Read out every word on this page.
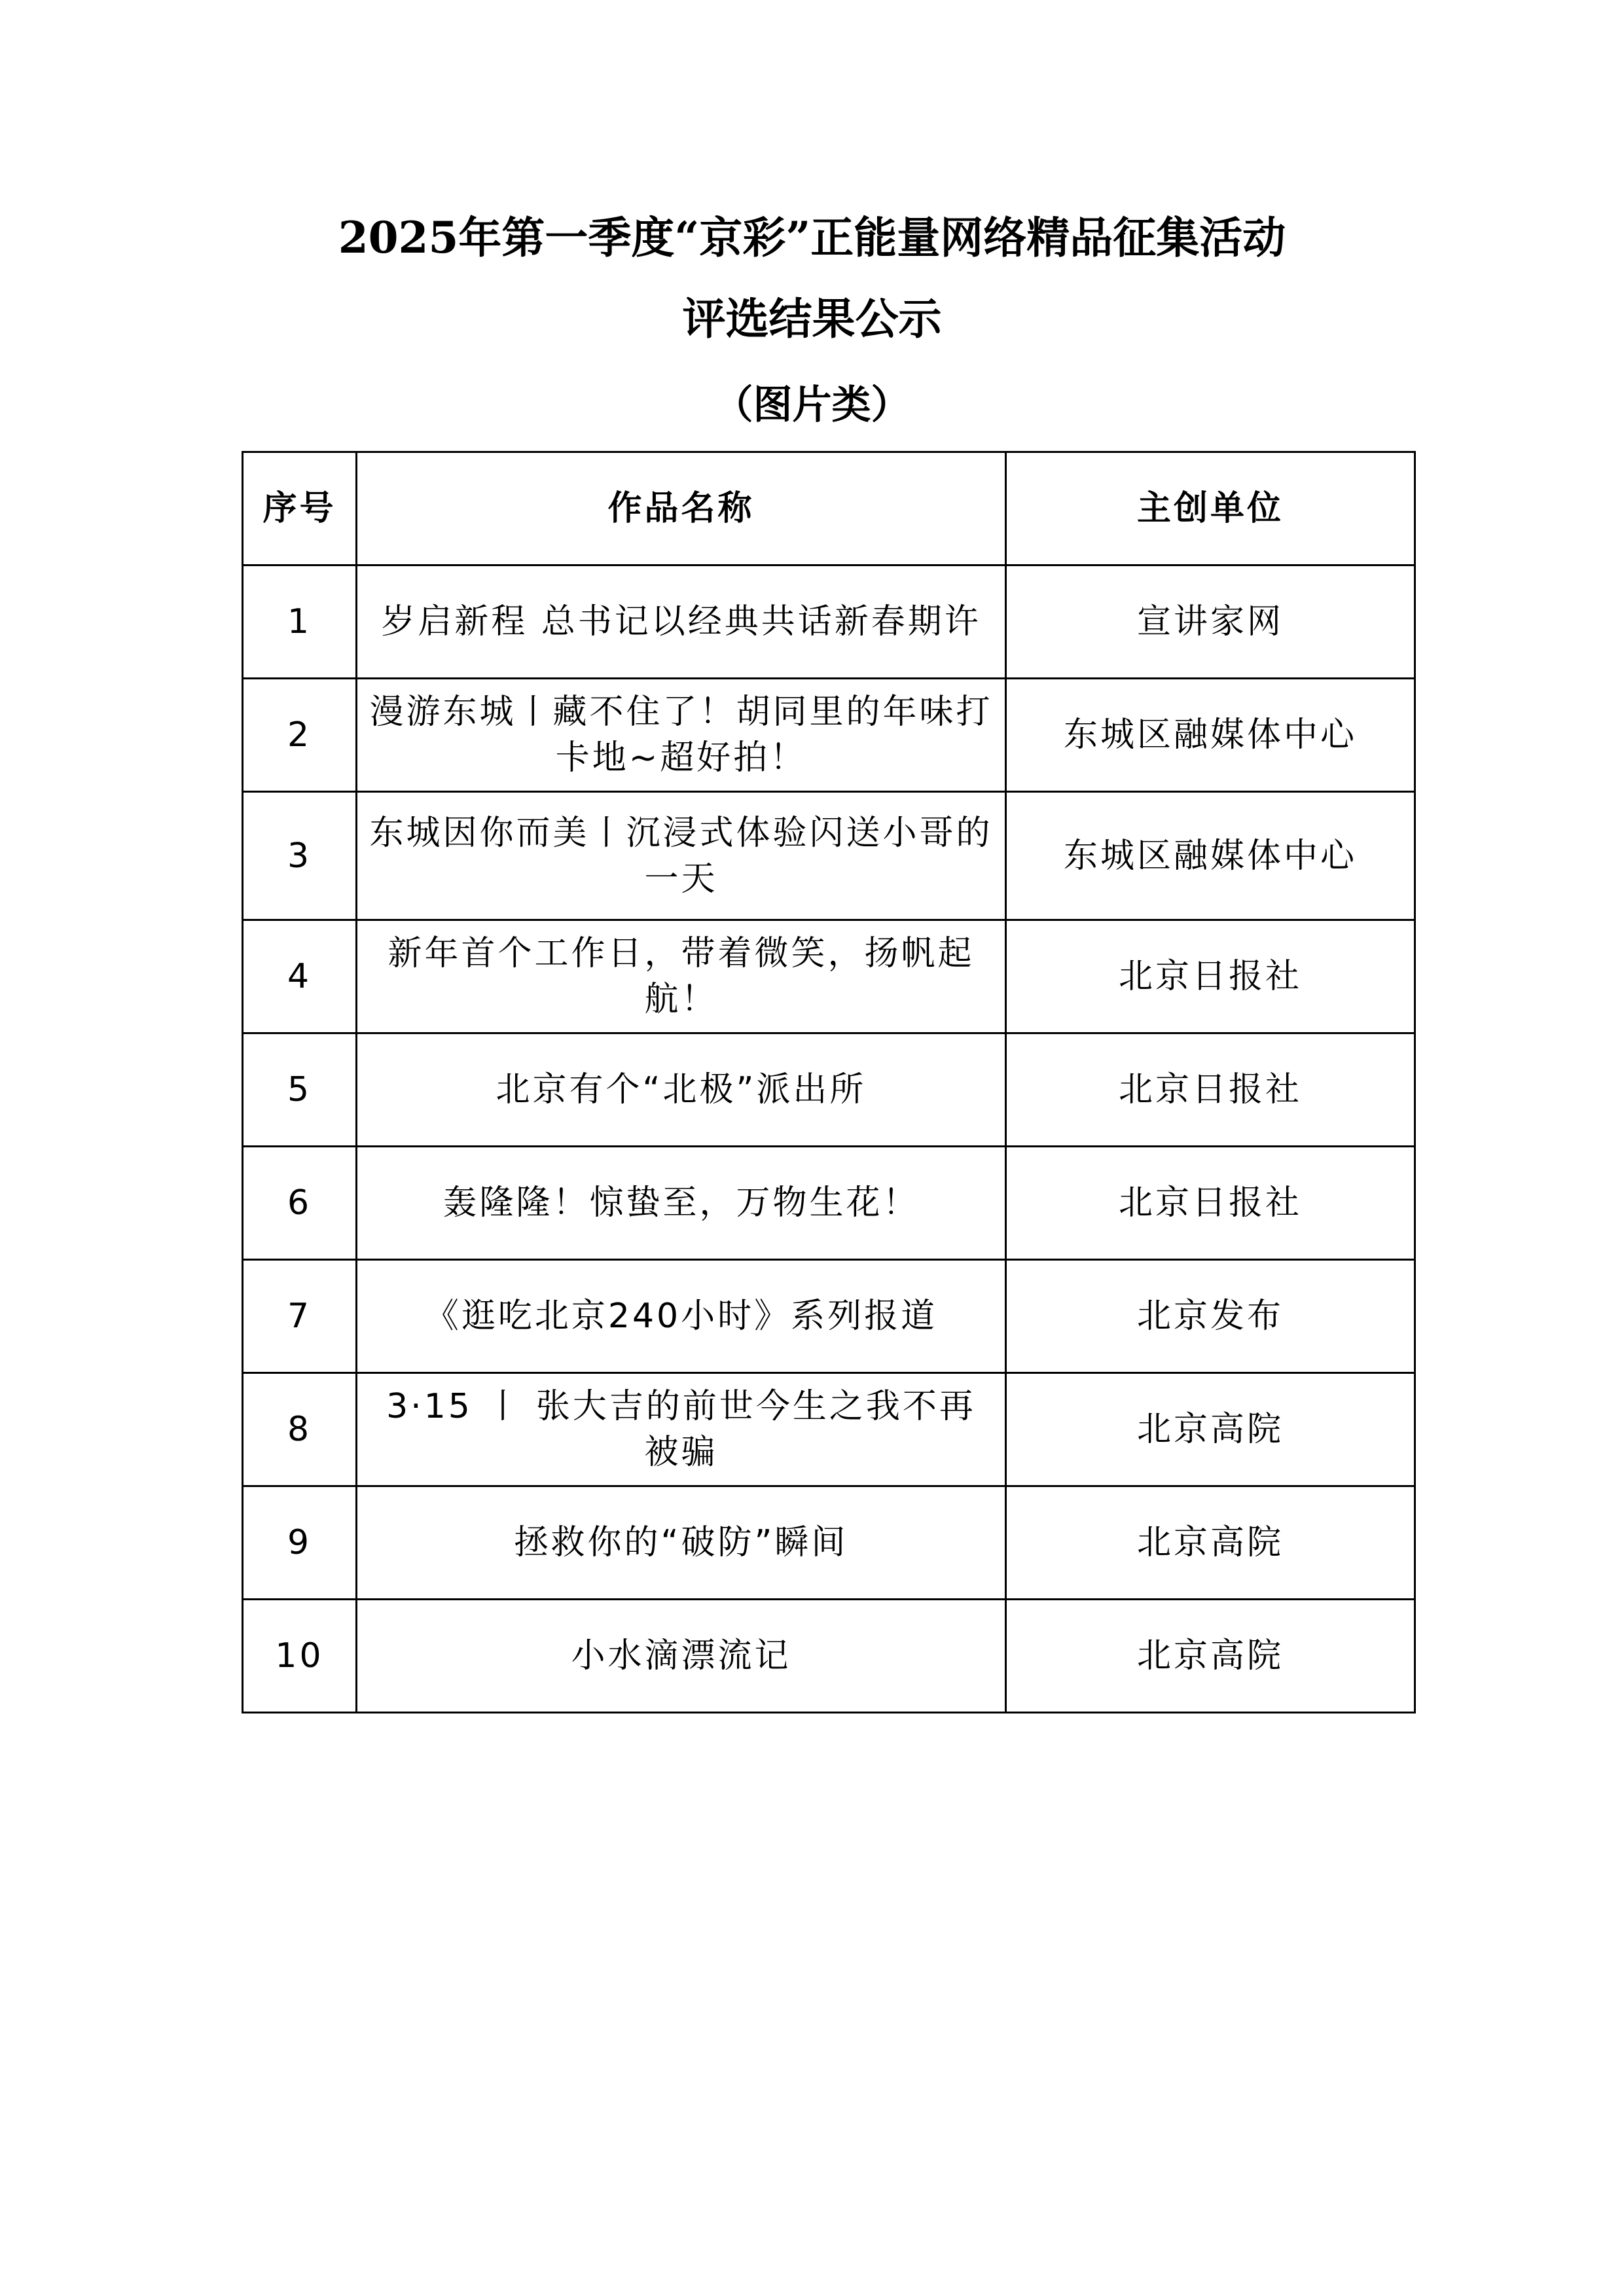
2025年第一季度“京彩”正能量网络精品征集活动
评选结果公示
（图片类）
序号	作品名称	主创单位
1	岁启新程 总书记以经典共话新春期许	宣讲家网
2	漫游东城丨藏不住了！胡同里的年味打卡地~超好拍！	东城区融媒体中心
3	东城因你而美丨沉浸式体验闪送小哥的一天	东城区融媒体中心
4	新年首个工作日，带着微笑，扬帆起航！	北京日报社
5	北京有个“北极”派出所	北京日报社
6	轰隆隆！惊蛰至，万物生花！	北京日报社
7	《逛吃北京240小时》系列报道	北京发布
8	3·15 丨 张大吉的前世今生之我不再被骗	北京高院
9	拯救你的“破防”瞬间	北京高院
10	小水滴漂流记	北京高院
